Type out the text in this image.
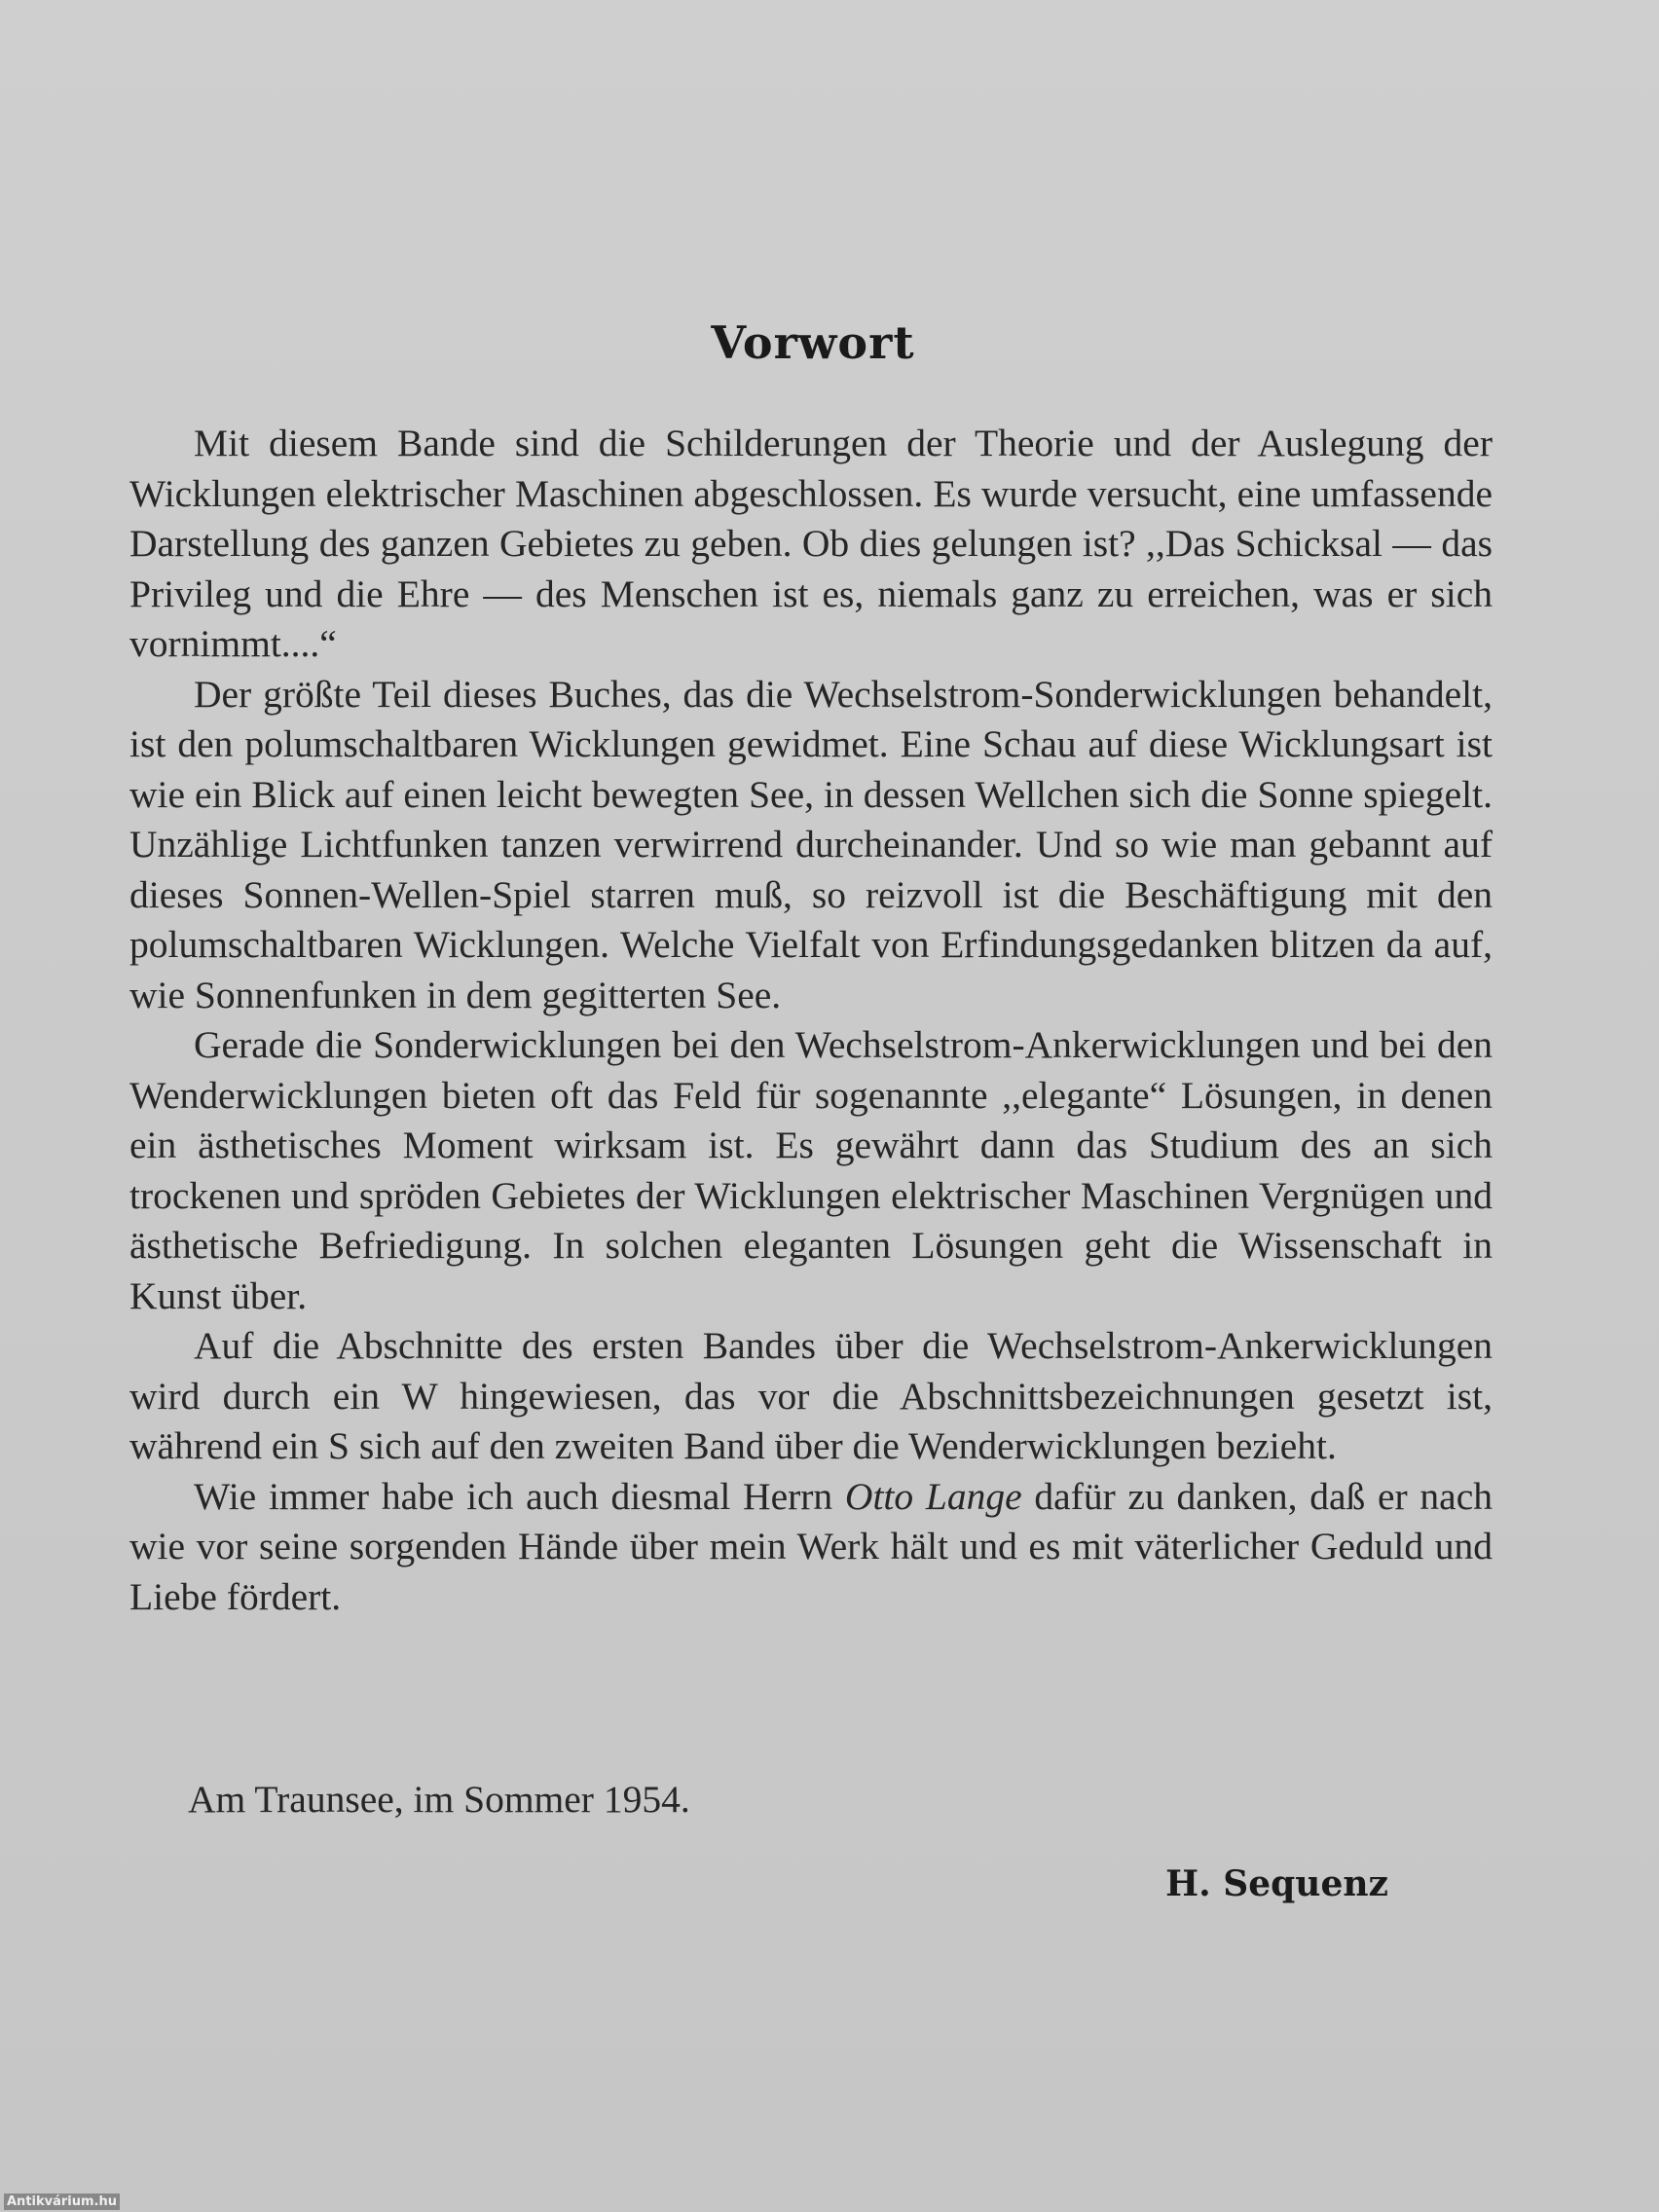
Vorwort

Mit diesem Bande sind die Schilderungen der Theorie und der Auslegung der Wicklungen elektrischer Maschinen abgeschlossen. Es wurde versucht, eine umfassende Darstellung des ganzen Gebietes zu geben. Ob dies gelungen ist? ,,Das Schicksal — das Privileg und die Ehre — des Menschen ist es, niemals ganz zu erreichen, was er sich vornimmt....“

Der größte Teil dieses Buches, das die Wechselstrom-Sonderwicklungen behandelt, ist den polumschaltbaren Wicklungen gewidmet. Eine Schau auf diese Wicklungsart ist wie ein Blick auf einen leicht bewegten See, in dessen Wellchen sich die Sonne spiegelt. Unzählige Lichtfunken tanzen verwirrend durcheinander. Und so wie man gebannt auf dieses Sonnen-Wellen-Spiel starren muß, so reizvoll ist die Beschäftigung mit den polumschaltbaren Wicklungen. Welche Vielfalt von Erfindungsgedanken blitzen da auf, wie Sonnenfunken in dem gegitterten See.

Gerade die Sonderwicklungen bei den Wechselstrom-Ankerwicklungen und bei den Wenderwicklungen bieten oft das Feld für sogenannte ,,elegante“ Lösungen, in denen ein ästhetisches Moment wirksam ist. Es gewährt dann das Studium des an sich trockenen und spröden Gebietes der Wicklungen elektrischer Maschinen Vergnügen und ästhetische Befriedigung. In solchen eleganten Lösungen geht die Wissenschaft in Kunst über.

Auf die Abschnitte des ersten Bandes über die Wechselstrom-Ankerwicklungen wird durch ein W hingewiesen, das vor die Abschnittsbezeichnungen gesetzt ist, während ein S sich auf den zweiten Band über die Wenderwicklungen bezieht.

Wie immer habe ich auch diesmal Herrn Otto Lange dafür zu danken, daß er nach wie vor seine sorgenden Hände über mein Werk hält und es mit väterlicher Geduld und Liebe fördert.

Am Traunsee, im Sommer 1954.
H. Sequenz
Antikvárium.hu
